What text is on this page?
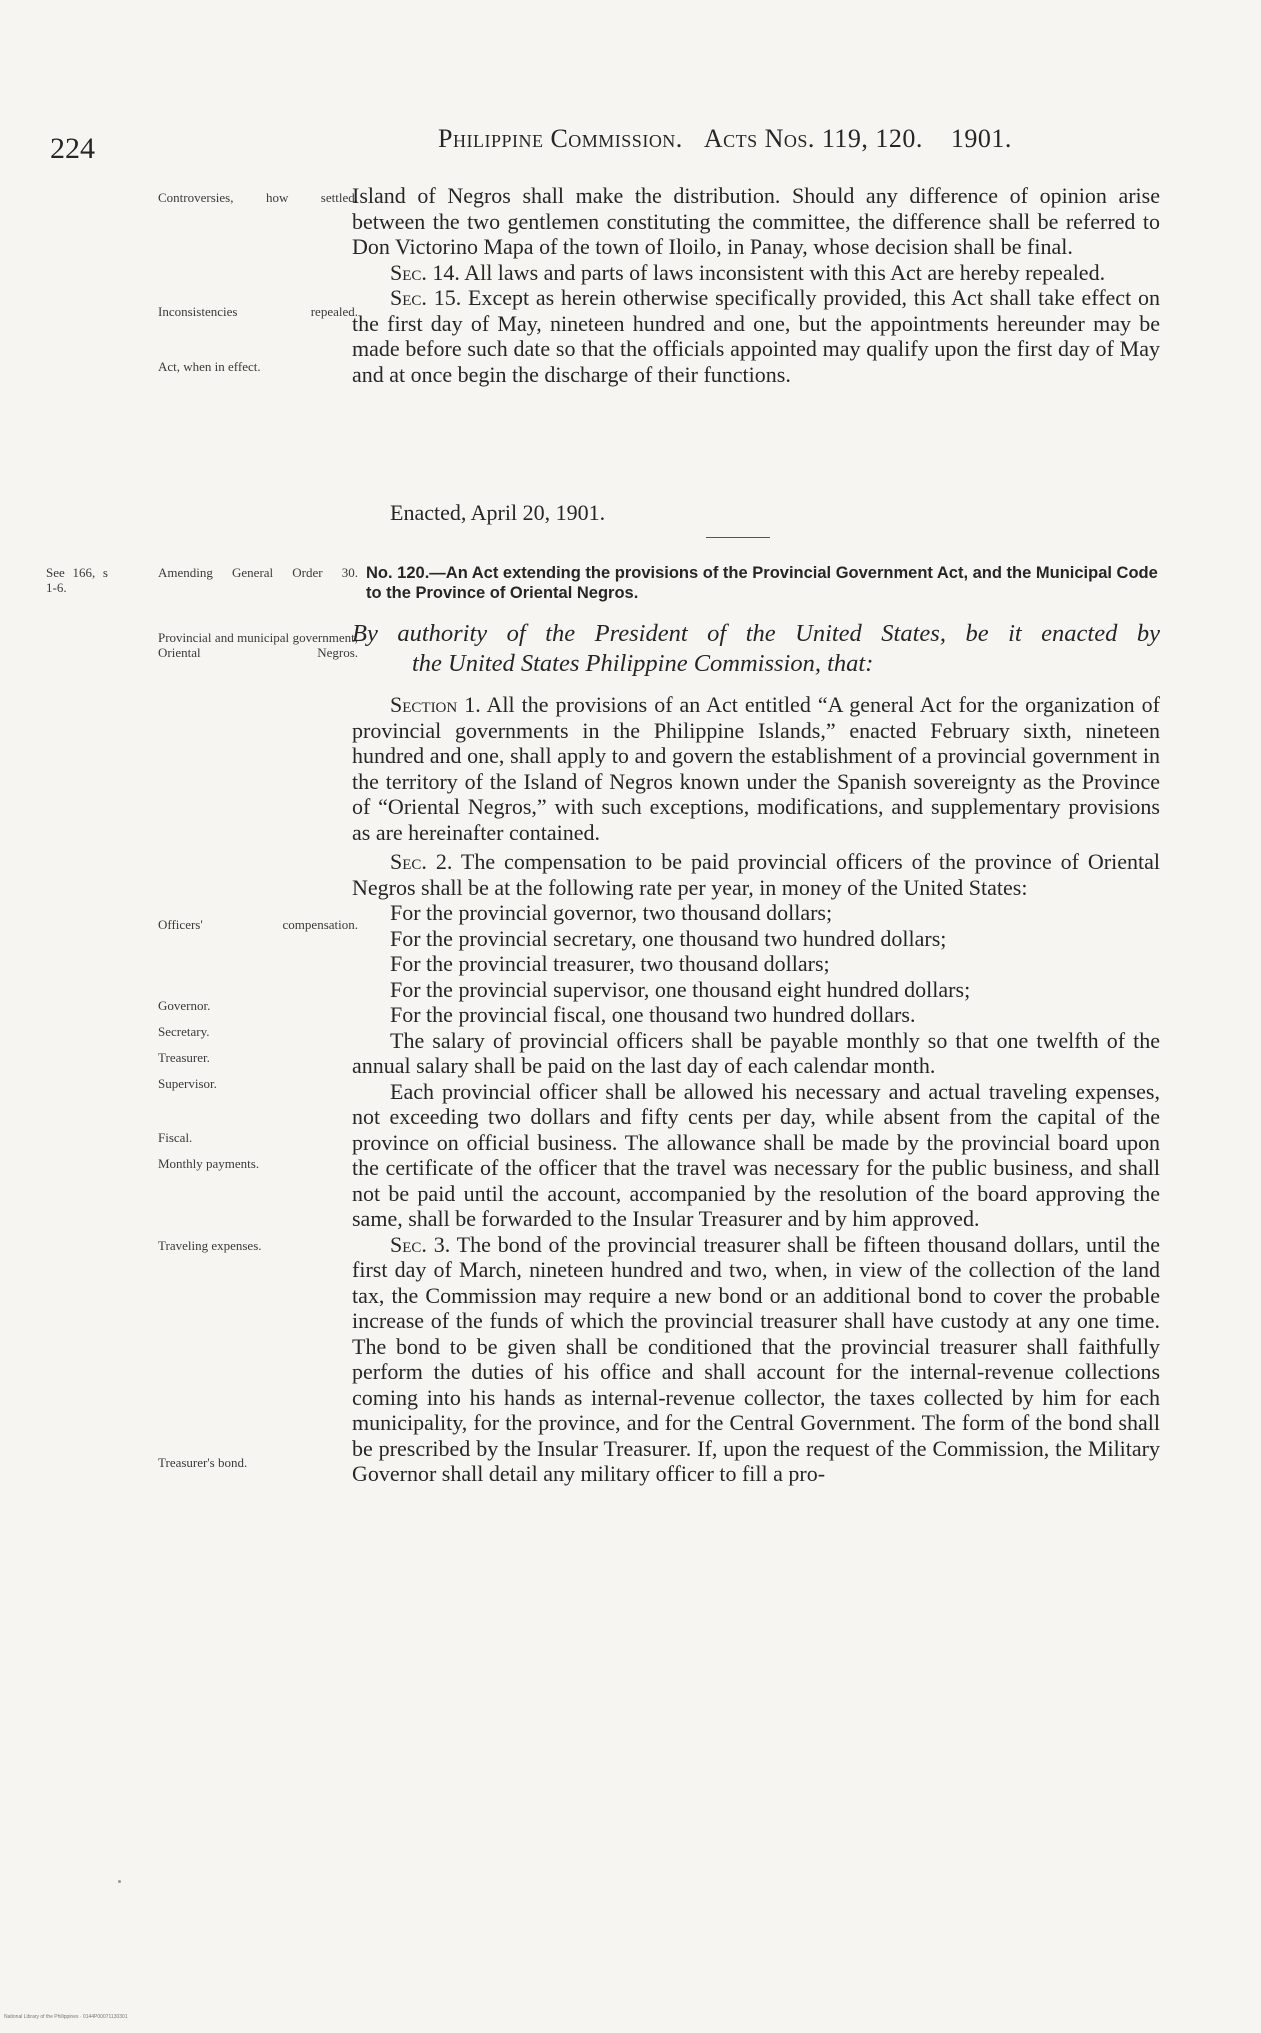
224	Philippine Commission. Acts Nos. 119, 120. 1901.
Controversies, how settled.
Inconsistencies repealed.
Act, when in effect.
See 166, s 1-6.
Amending General Order 30.
Provincial and municipal government, Oriental Negros.
Officers' compensation.
Governor.
Secretary.
Treasurer.
Supervisor.
Fiscal.
Monthly payments.
Traveling expenses.
Treasurer's bond.

Island of Negros shall make the distribution. Should any difference of opinion arise between the two gentlemen constituting the committee, the difference shall be referred to Don Victorino Mapa of the town of Iloilo, in Panay, whose decision shall be final.

Sec. 14. All laws and parts of laws inconsistent with this Act are hereby repealed.

Sec. 15. Except as herein otherwise specifically provided, this Act shall take effect on the first day of May, nineteen hundred and one, but the appointments hereunder may be made before such date so that the officials appointed may qualify upon the first day of May and at once begin the discharge of their functions.

Enacted, April 20, 1901.

No. 120.—An Act extending the provisions of the Provincial Government Act, and the Municipal Code to the Province of Oriental Negros.
By authority of the President of the United States, be it enacted by
the United States Philippine Commission, that:

Section 1. All the provisions of an Act entitled “A general Act for the organization of provincial governments in the Philippine Islands,” enacted February sixth, nineteen hundred and one, shall apply to and govern the establishment of a provincial government in the territory of the Island of Negros known under the Spanish sovereignty as the Province of “Oriental Negros,” with such exceptions, modifications, and supplementary provisions as are hereinafter contained.

Sec. 2. The compensation to be paid provincial officers of the province of Oriental Negros shall be at the following rate per year, in money of the United States:

For the provincial governor, two thousand dollars;

For the provincial secretary, one thousand two hundred dollars;

For the provincial treasurer, two thousand dollars;

For the provincial supervisor, one thousand eight hundred dollars;

For the provincial fiscal, one thousand two hundred dollars.

The salary of provincial officers shall be payable monthly so that one twelfth of the annual salary shall be paid on the last day of each calendar month.

Each provincial officer shall be allowed his necessary and actual traveling expenses, not exceeding two dollars and fifty cents per day, while absent from the capital of the province on official business. The allowance shall be made by the provincial board upon the certificate of the officer that the travel was necessary for the public business, and shall not be paid until the account, accompanied by the resolution of the board approving the same, shall be forwarded to the Insular Treasurer and by him approved.

Sec. 3. The bond of the provincial treasurer shall be fifteen thousand dollars, until the first day of March, nineteen hundred and two, when, in view of the collection of the land tax, the Commission may require a new bond or an additional bond to cover the probable increase of the funds of which the provincial treasurer shall have custody at any one time. The bond to be given shall be conditioned that the provincial treasurer shall faithfully perform the duties of his office and shall account for the internal-revenue collections coming into his hands as internal-revenue collector, the taxes collected by him for each municipality, for the province, and for the Central Government. The form of the bond shall be prescribed by the Insular Treasurer. If, upon the request of the Commission, the Military Governor shall detail any military officer to fill a pro-

National Library of the Philippines · 0144P00071130301
